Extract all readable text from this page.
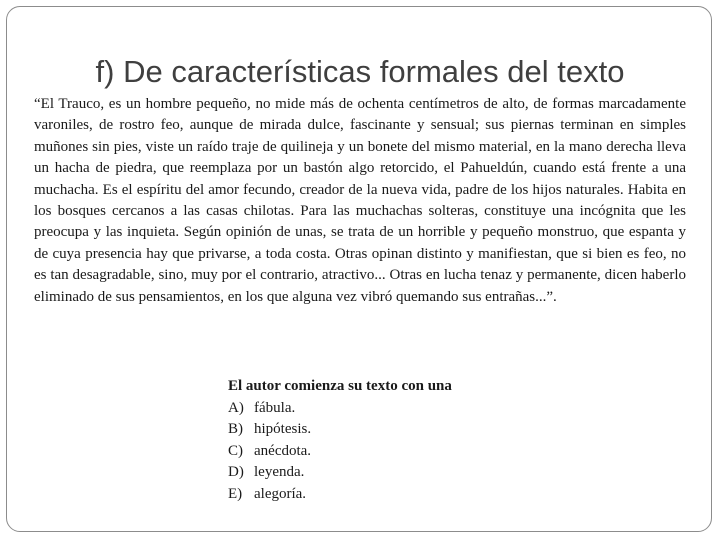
f) De características formales del texto

“El Trauco, es un hombre pequeño, no mide más de ochenta centímetros de alto, de formas marcadamente varoniles, de rostro feo, aunque de mirada dulce, fascinante y sensual; sus piernas terminan en simples muñones sin pies, viste un raído traje de quilineja y un bonete del mismo material, en la mano derecha lleva un hacha de piedra, que reemplaza por un bastón algo retorcido, el Pahueldún, cuando está frente a una muchacha. Es el espíritu del amor fecundo, creador de la nueva vida, padre de los hijos naturales. Habita en los bosques cercanos a las casas chilotas. Para las muchachas solteras, constituye una incógnita que les preocupa y las inquieta. Según opinión de unas, se trata de un horrible y pequeño monstruo, que espanta y de cuya presencia hay que privarse, a toda costa. Otras opinan distinto y manifiestan, que si bien es feo, no es tan desagradable, sino, muy por el contrario, atractivo... Otras en lucha tenaz y permanente, dicen haberlo eliminado de sus pensamientos, en los que alguna vez vibró quemando sus entrañas...”.

El autor comienza su texto con una
A) fábula.
B) hipótesis.
C) anécdota.
D) leyenda.
E) alegoría.
